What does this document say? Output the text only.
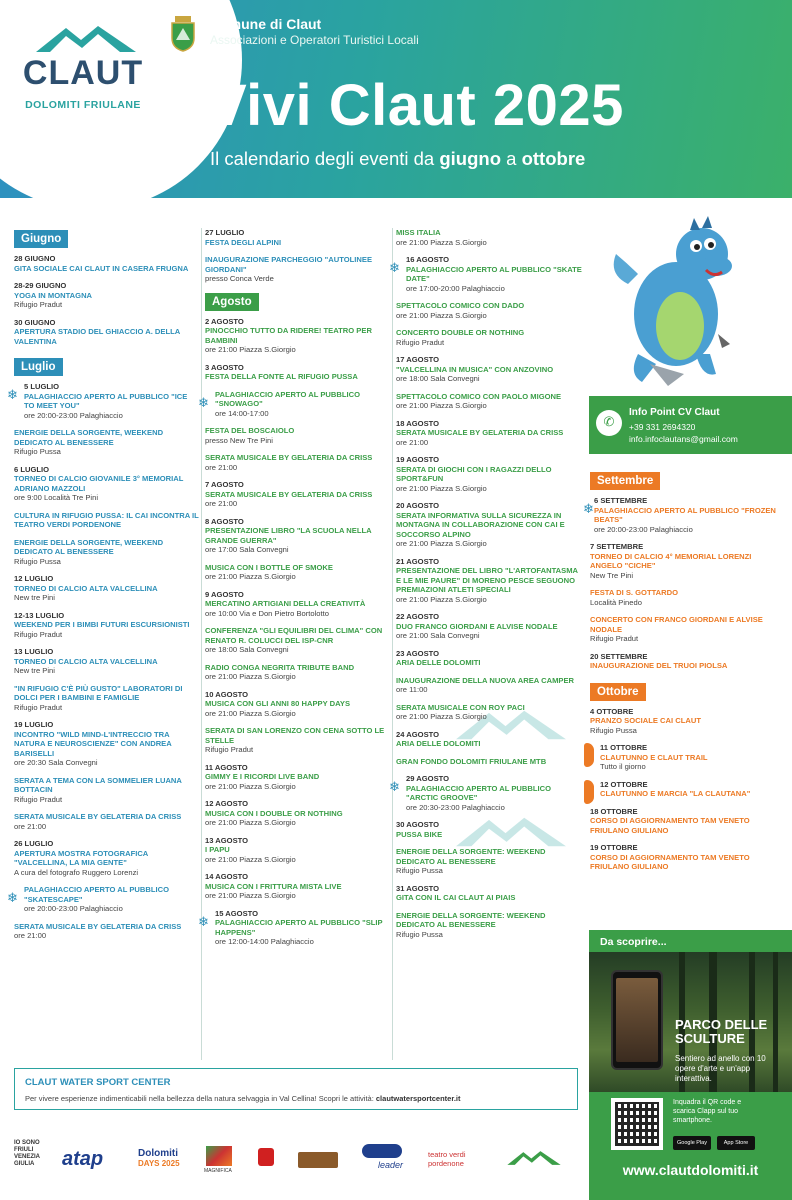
CLAUT
DOLOMITI FRIULANE
Comune di Claut
Associazioni e Operatori Turistici Locali
Vivi Claut 2025
Il calendario degli eventi da giugno a ottobre
Giugno
28 GIUGNO
GITA SOCIALE CAI CLAUT IN CASERA FRUGNA
28-29 GIUGNO
YOGA IN MONTAGNA
Rifugio Pradut
30 GIUGNO
APERTURA STADIO DEL GHIACCIO A. DELLA VALENTINA
Luglio
❄
5 LUGLIO
PALAGHIACCIO APERTO AL PUBBLICO "ICE TO MEET YOU"
ore 20:00-23:00 Palaghiaccio
ENERGIE DELLA SORGENTE, WEEKEND DEDICATO AL BENESSERE
Rifugio Pussa
6 LUGLIO
TORNEO DI CALCIO GIOVANILE 3° MEMORIAL ADRIANO MAZZOLI
ore 9:00 Località Tre Pini
CULTURA IN RIFUGIO PUSSA: IL CAI INCONTRA IL TEATRO VERDI PORDENONE
ENERGIE DELLA SORGENTE, WEEKEND DEDICATO AL BENESSERE
Rifugio Pussa
12 LUGLIO
TORNEO DI CALCIO ALTA VALCELLINA
New tre Pini
12-13 LUGLIO
WEEKEND PER I BIMBI FUTURI ESCURSIONISTI
Rifugio Pradut
13 LUGLIO
TORNEO DI CALCIO ALTA VALCELLINA
New tre Pini
"IN RIFUGIO C'È PIÙ GUSTO" LABORATORI DI DOLCI PER I BAMBINI E FAMIGLIE
Rifugio Pradut
19 LUGLIO
INCONTRO "WILD MIND-L'INTRECCIO TRA NATURA E NEUROSCIENZE" CON ANDREA BARISELLI
ore 20:30 Sala Convegni
SERATA A TEMA CON LA SOMMELIER LUANA BOTTACIN
Rifugio Pradut
SERATA MUSICALE BY GELATERIA DA CRISS
ore 21:00
26 LUGLIO
APERTURA MOSTRA FOTOGRAFICA "VALCELLINA, LA MIA GENTE"
A cura del fotografo Ruggero Lorenzi
❄
PALAGHIACCIO APERTO AL PUBBLICO "SKATESCAPE"
ore 20:00-23:00 Palaghiaccio
SERATA MUSICALE BY GELATERIA DA CRISS
ore 21:00
27 LUGLIO
FESTA DEGLI ALPINI
INAUGURAZIONE PARCHEGGIO "AUTOLINEE GIORDANI"
presso Conca Verde
Agosto
2 AGOSTO
PINOCCHIO TUTTO DA RIDERE! TEATRO PER BAMBINI
ore 21:00 Piazza S.Giorgio
3 AGOSTO
FESTA DELLA FONTE AL RIFUGIO PUSSA
❄
PALAGHIACCIO APERTO AL PUBBLICO "SNOWAGO"
ore 14:00-17:00
FESTA DEL BOSCAIOLO
presso New Tre Pini
SERATA MUSICALE BY GELATERIA DA CRISS
ore 21:00
7 AGOSTO
SERATA MUSICALE BY GELATERIA DA CRISS
ore 21:00
8 AGOSTO
PRESENTAZIONE LIBRO "LA SCUOLA NELLA GRANDE GUERRA"
ore 17:00 Sala Convegni
MUSICA CON I BOTTLE OF SMOKE
ore 21:00 Piazza S.Giorgio
9 AGOSTO
MERCATINO ARTIGIANI DELLA CREATIVITÀ
ore 10:00 Via e Don Pietro Bortolotto
CONFERENZA "GLI EQUILIBRI DEL CLIMA" CON RENATO R. COLUCCI DEL ISP-CNR
ore 18:00 Sala Convegni
RADIO CONGA NEGRITA TRIBUTE BAND
ore 21:00 Piazza S.Giorgio
10 AGOSTO
MUSICA CON GLI ANNI 80 HAPPY DAYS
ore 21:00 Piazza S.Giorgio
SERATA DI SAN LORENZO CON CENA SOTTO LE STELLE
Rifugio Pradut
11 AGOSTO
GIMMY E I RICORDI LIVE BAND
ore 21:00 Piazza S.Giorgio
12 AGOSTO
MUSICA CON I DOUBLE OR NOTHING
ore 21:00 Piazza S.Giorgio
13 AGOSTO
I PAPU
ore 21:00 Piazza S.Giorgio
14 AGOSTO
MUSICA CON I FRITTURA MISTA LIVE
ore 21:00 Piazza S.Giorgio
❄
15 AGOSTO
PALAGHIACCIO APERTO AL PUBBLICO "SLIP HAPPENS"
ore 12:00-14:00 Palaghiaccio
MISS ITALIA
ore 21:00 Piazza S.Giorgio
❄
16 AGOSTO
PALAGHIACCIO APERTO AL PUBBLICO "SKATE DATE"
ore 17:00-20:00 Palaghiaccio
SPETTACOLO COMICO CON DADO
ore 21:00 Piazza S.Giorgio
CONCERTO DOUBLE OR NOTHING
Rifugio Pradut
17 AGOSTO
"VALCELLINA IN MUSICA" CON ANZOVINO
ore 18:00 Sala Convegni
SPETTACOLO COMICO CON PAOLO MIGONE
ore 21:00 Piazza S.Giorgio
18 AGOSTO
SERATA MUSICALE BY GELATERIA DA CRISS
ore 21:00
19 AGOSTO
SERATA DI GIOCHI CON I RAGAZZI DELLO SPORT&FUN
ore 21:00 Piazza S.Giorgio
20 AGOSTO
SERATA INFORMATIVA SULLA SICUREZZA IN MONTAGNA IN COLLABORAZIONE CON CAI E SOCCORSO ALPINO
ore 21:00 Piazza S.Giorgio
21 AGOSTO
PRESENTAZIONE DEL LIBRO "L'ARTOFANTASMA E LE MIE PAURE" DI MORENO PESCE SEGUONO PREMIAZIONI ATLETI SPECIALI
ore 21:00 Piazza S.Giorgio
22 AGOSTO
DUO FRANCO GIORDANI E ALVISE NODALE
ore 21:00 Sala Convegni
23 AGOSTO
ARIA DELLE DOLOMITI
INAUGURAZIONE DELLA NUOVA AREA CAMPER
ore 11:00
SERATA MUSICALE CON ROY PACI
ore 21:00 Piazza S.Giorgio
24 AGOSTO
ARIA DELLE DOLOMITI
GRAN FONDO DOLOMITI FRIULANE MTB
❄
29 AGOSTO
PALAGHIACCIO APERTO AL PUBBLICO "ARCTIC GROOVE"
ore 20:30-23:00 Palaghiaccio
30 AGOSTO
PUSSA BIKE
ENERGIE DELLA SORGENTE: WEEKEND DEDICATO AL BENESSERE
Rifugio Pussa
31 AGOSTO
GITA CON IL CAI CLAUT AI PIAIS
ENERGIE DELLA SORGENTE: WEEKEND DEDICATO AL BENESSERE
Rifugio Pussa
✆
Info Point CV Claut
+39 331 2694320
info.infoclautans@gmail.com
Settembre
❄
6 SETTEMBRE
PALAGHIACCIO APERTO AL PUBBLICO "FROZEN BEATS"
ore 20:00-23:00 Palaghiaccio
7 SETTEMBRE
TORNEO DI CALCIO 4° MEMORIAL LORENZI ANGELO "CICHE"
New Tre Pini
FESTA DI S. GOTTARDO
Località Pinedo
CONCERTO CON FRANCO GIORDANI E ALVISE NODALE
Rifugio Pradut
20 SETTEMBRE
INAUGURAZIONE DEL TRUOI PIOLSA
Ottobre
4 OTTOBRE
PRANZO SOCIALE CAI CLAUT
Rifugio Pussa
11 OTTOBRE
CLAUTUNNO E CLAUT TRAIL
Tutto il giorno
12 OTTOBRE
CLAUTUNNO E MARCIA "LA CLAUTANA"
18 OTTOBRE
CORSO DI AGGIORNAMENTO TAM VENETO FRIULANO GIULIANO
19 OTTOBRE
CORSO DI AGGIORNAMENTO TAM VENETO FRIULANO GIULIANO
Da scoprire...
PARCO DELLE
SCULTURE
Sentiero ad anello con 10 opere d'arte e un'app interattiva.
Inquadra il QR code e scarica Clapp sul tuo smartphone.
Google Play	App Store
www.clautdolomiti.it
CLAUT WATER SPORT CENTER
Per vivere esperienze indimenticabili nella bellezza della natura selvaggia in Val Cellina! Scopri le attività: clautwatersportcenter.it
IO SONO
FRIULI
VENEZIA
GIULIA atap	Dolomiti
DAYS 2025
MAGNIFICA
leader
teatro verdi
pordenone
